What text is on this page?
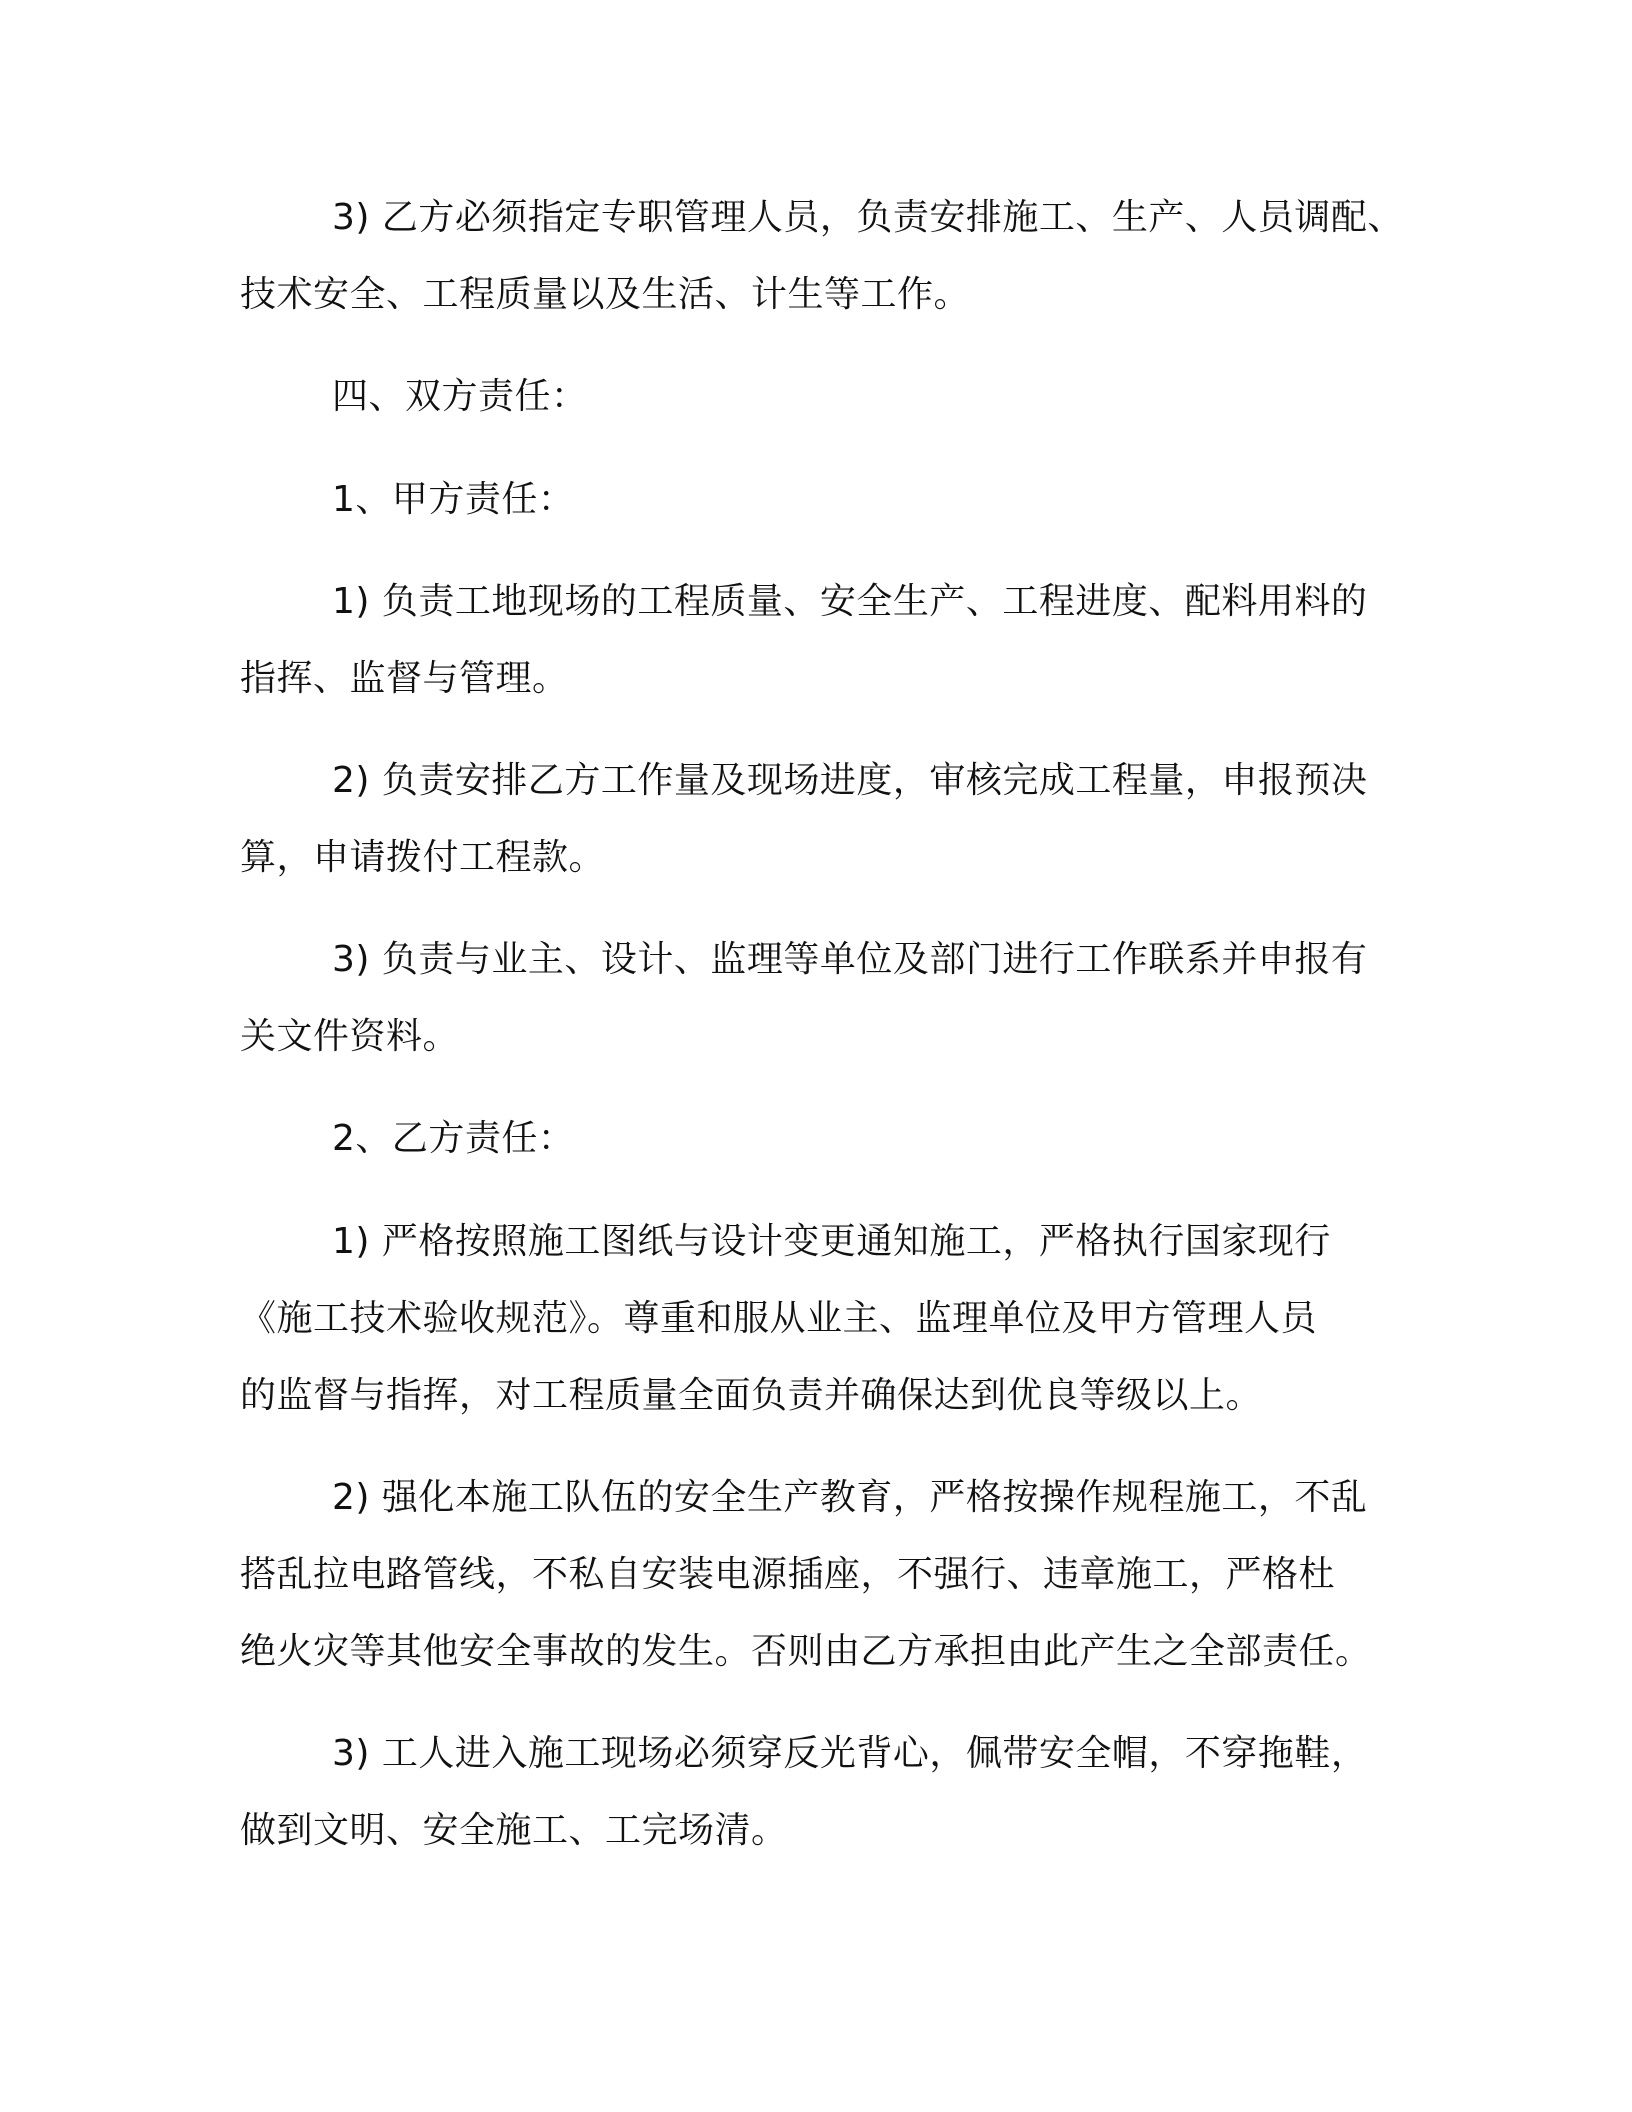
3) 乙方必须指定专职管理人员，负责安排施工、生产、人员调配、
技术安全、工程质量以及生活、计生等工作。
四、双方责任：
1、甲方责任：
1) 负责工地现场的工程质量、安全生产、工程进度、配料用料的
指挥、监督与管理。
2) 负责安排乙方工作量及现场进度，审核完成工程量，申报预决
算，申请拨付工程款。
3) 负责与业主、设计、监理等单位及部门进行工作联系并申报有
关文件资料。
2、乙方责任：
1) 严格按照施工图纸与设计变更通知施工，严格执行国家现行
《施工技术验收规范》。尊重和服从业主、监理单位及甲方管理人员
的监督与指挥，对工程质量全面负责并确保达到优良等级以上。
2) 强化本施工队伍的安全生产教育，严格按操作规程施工，不乱
搭乱拉电路管线，不私自安装电源插座，不强行、违章施工，严格杜
绝火灾等其他安全事故的发生。否则由乙方承担由此产生之全部责任。
3) 工人进入施工现场必须穿反光背心，佩带安全帽，不穿拖鞋，
做到文明、安全施工、工完场清。
